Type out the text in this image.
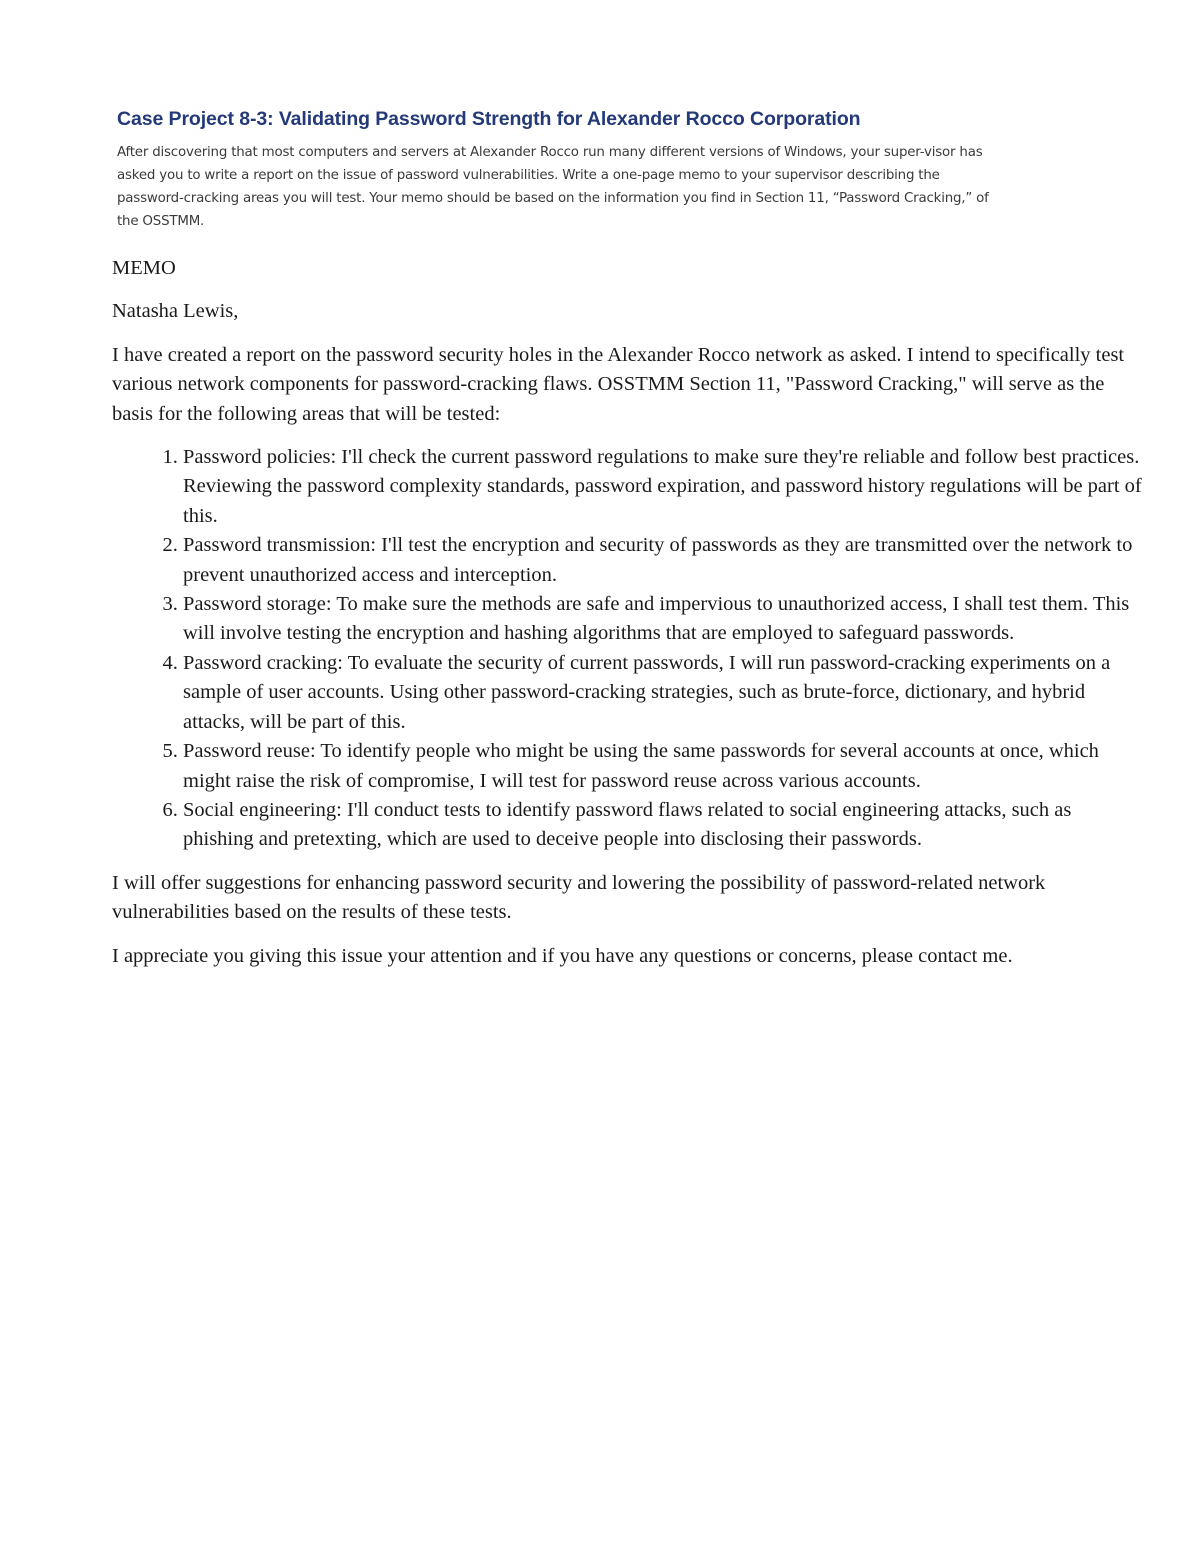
Case Project 8-3: Validating Password Strength for Alexander Rocco Corporation

After discovering that most computers and servers at Alexander Rocco run many different versions of Windows, your super-visor has asked you to write a report on the issue of password vulnerabilities. Write a one-page memo to your supervisor describing the password-cracking areas you will test. Your memo should be based on the information you find in Section 11, “Password Cracking,” of the OSSTMM.

MEMO

Natasha Lewis,

I have created a report on the password security holes in the Alexander Rocco network as asked. I intend to specifically test various network components for password-cracking flaws. OSSTMM Section 11, "Password Cracking," will serve as the basis for the following areas that will be tested:

1. Password policies: I'll check the current password regulations to make sure they're reliable and follow best practices. Reviewing the password complexity standards, password expiration, and password history regulations will be part of this.
2. Password transmission: I'll test the encryption and security of passwords as they are transmitted over the network to prevent unauthorized access and interception.
3. Password storage: To make sure the methods are safe and impervious to unauthorized access, I shall test them. This will involve testing the encryption and hashing algorithms that are employed to safeguard passwords.
4. Password cracking: To evaluate the security of current passwords, I will run password-cracking experiments on a sample of user accounts. Using other password-cracking strategies, such as brute-force, dictionary, and hybrid attacks, will be part of this.
5. Password reuse: To identify people who might be using the same passwords for several accounts at once, which might raise the risk of compromise, I will test for password reuse across various accounts.
6. Social engineering: I'll conduct tests to identify password flaws related to social engineering attacks, such as phishing and pretexting, which are used to deceive people into disclosing their passwords.

I will offer suggestions for enhancing password security and lowering the possibility of password-related network vulnerabilities based on the results of these tests.

I appreciate you giving this issue your attention and if you have any questions or concerns, please contact me.
